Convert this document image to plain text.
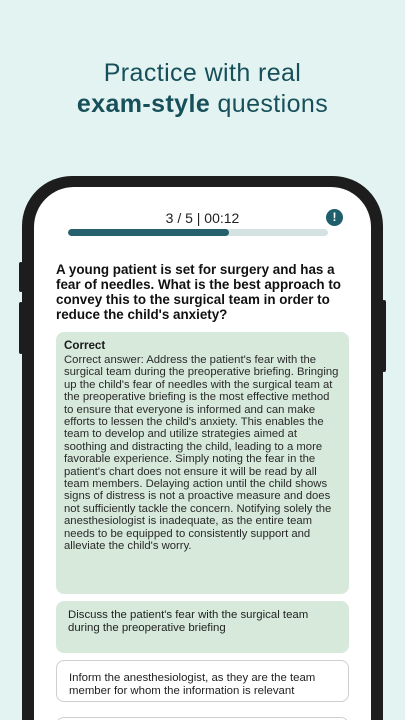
Practice with real
exam-style questions
3 / 5 | 00:12	!
A young patient is set for surgery and has a fear of needles. What is the best approach to convey this to the surgical team in order to reduce the child's anxiety?
Correct
Correct answer: Address the patient's fear with the surgical team during the preoperative briefing. Bringing up the child's fear of needles with the surgical team at the preoperative briefing is the most effective method to ensure that everyone is informed and can make efforts to lessen the child's anxiety. This enables the team to develop and utilize strategies aimed at soothing and distracting the child, leading to a more favorable experience. Simply noting the fear in the patient's chart does not ensure it will be read by all team members. Delaying action until the child shows signs of distress is not a proactive measure and does not sufficiently tackle the concern. Notifying solely the anesthesiologist is inadequate, as the entire team needs to be equipped to consistently support and alleviate the child's worry.
Discuss the patient's fear with the surgical team during the preoperative briefing
Inform the anesthesiologist, as they are the team member for whom the information is relevant
